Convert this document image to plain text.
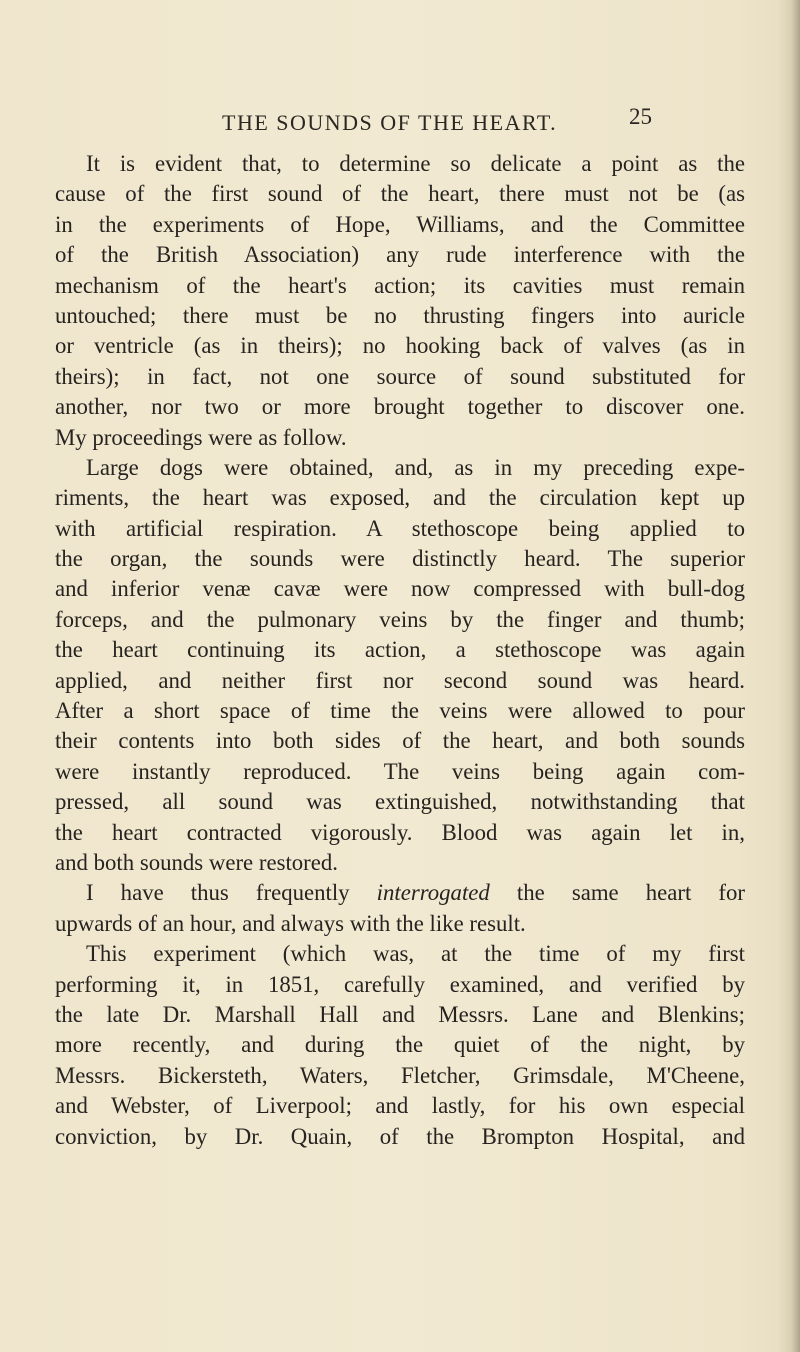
THE SOUNDS OF THE HEART.	25
It is evident that, to determine so delicate a point as the
cause of the first sound of the heart, there must not be (as
in the experiments of Hope, Williams, and the Committee
of the British Association) any rude interference with the
mechanism of the heart's action; its cavities must remain
untouched; there must be no thrusting fingers into auricle
or ventricle (as in theirs); no hooking back of valves (as in
theirs); in fact, not one source of sound substituted for
another, nor two or more brought together to discover one.
My proceedings were as follow.
Large dogs were obtained, and, as in my preceding expe-
riments, the heart was exposed, and the circulation kept up
with artificial respiration. A stethoscope being applied to
the organ, the sounds were distinctly heard. The superior
and inferior venæ cavæ were now compressed with bull-dog
forceps, and the pulmonary veins by the finger and thumb;
the heart continuing its action, a stethoscope was again
applied, and neither first nor second sound was heard.
After a short space of time the veins were allowed to pour
their contents into both sides of the heart, and both sounds
were instantly reproduced. The veins being again com-
pressed, all sound was extinguished, notwithstanding that
the heart contracted vigorously. Blood was again let in,
and both sounds were restored.
I have thus frequently interrogated the same heart for
upwards of an hour, and always with the like result.
This experiment (which was, at the time of my first
performing it, in 1851, carefully examined, and verified by
the late Dr. Marshall Hall and Messrs. Lane and Blenkins;
more recently, and during the quiet of the night, by
Messrs. Bickersteth, Waters, Fletcher, Grimsdale, M'Cheene,
and Webster, of Liverpool; and lastly, for his own especial
conviction, by Dr. Quain, of the Brompton Hospital, and
